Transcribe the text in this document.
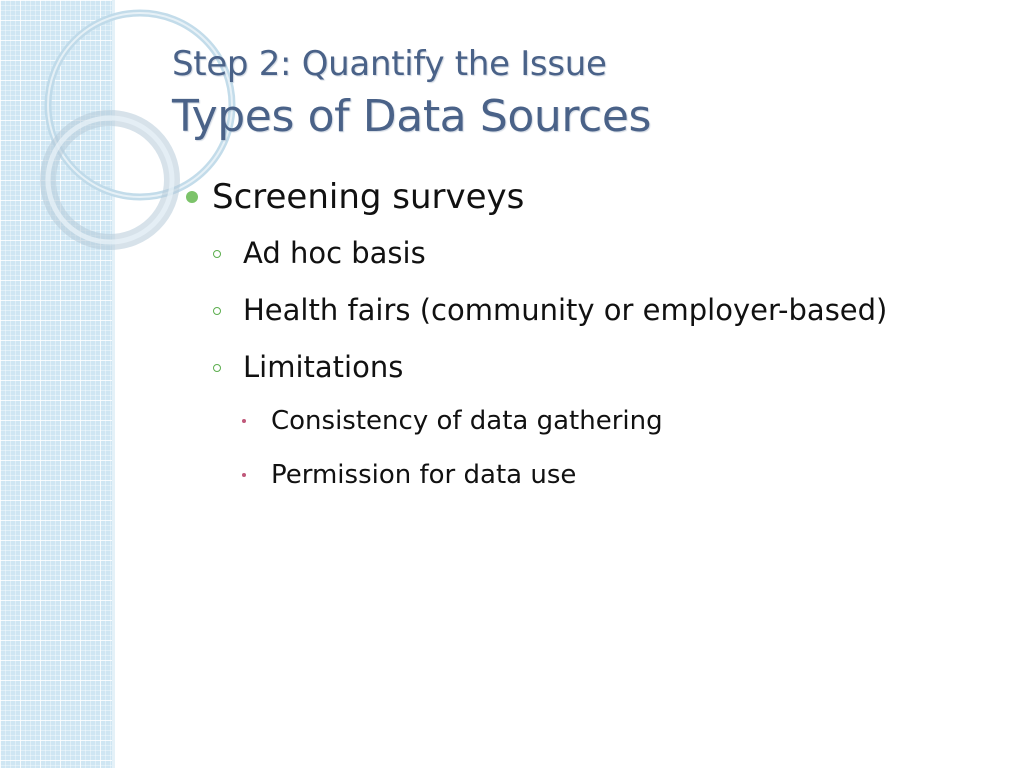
Step 2: Quantify the Issue
Types of Data Sources
Screening surveys
Ad hoc basis
Health fairs (community or employer-based)
Limitations
Consistency of data gathering
Permission for data use
